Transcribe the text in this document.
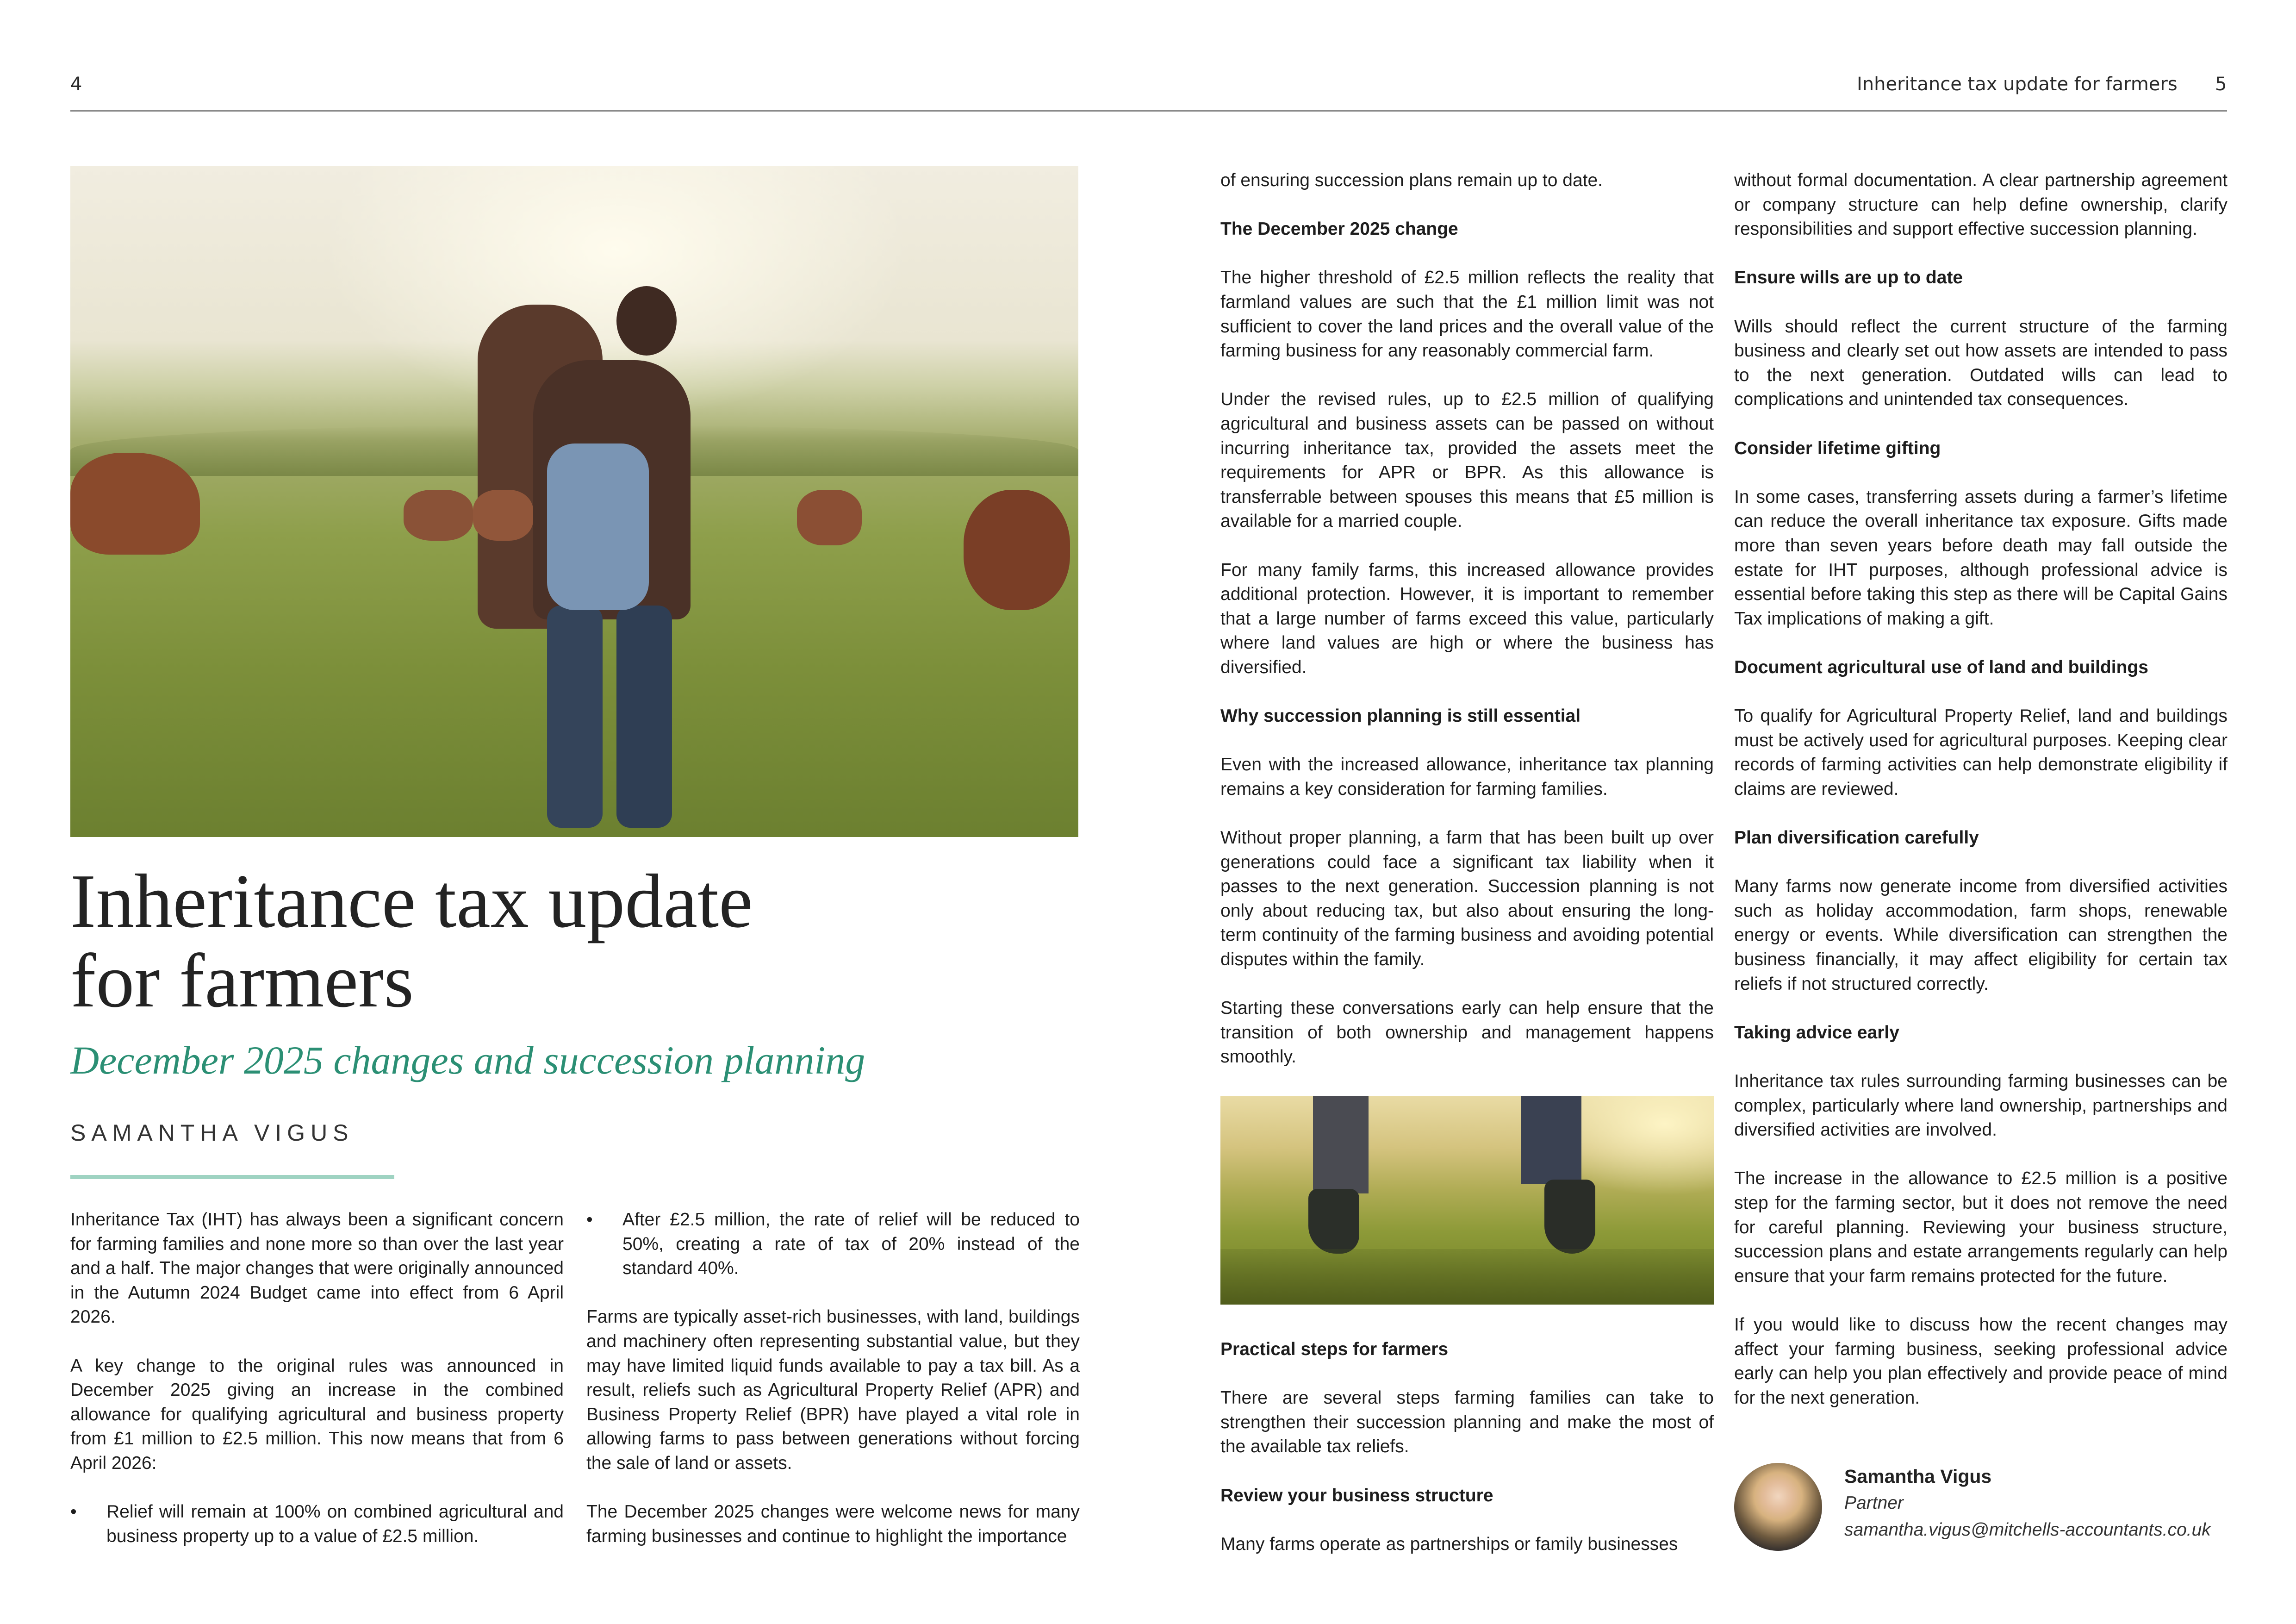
4	Inheritance tax update for farmers 5
Inheritance tax update
for farmers
December 2025 changes and succession planning
SAMANTHA VIGUS

Inheritance Tax (IHT) has always been a significant concern for farming families and none more so than over the last year and a half. The major changes that were originally announced in the Autumn 2024 Budget came into effect from 6 April 2026.

A key change to the original rules was announced in December 2025 giving an increase in the combined allowance for qualifying agricultural and business property from £1 million to £2.5 million. This now means that from 6 April 2026:

• Relief will remain at 100% on combined agricultural and business property up to a value of £2.5 million.
• After £2.5 million, the rate of relief will be reduced to 50%, creating a rate of tax of 20% instead of the standard 40%.

Farms are typically asset-rich businesses, with land, buildings and machinery often representing substantial value, but they may have limited liquid funds available to pay a tax bill. As a result, reliefs such as Agricultural Property Relief (APR) and Business Property Relief (BPR) have played a vital role in allowing farms to pass between generations without forcing the sale of land or assets.

The December 2025 changes were welcome news for many farming businesses and continue to highlight the importance

of ensuring succession plans remain up to date.

The December 2025 change

The higher threshold of £2.5 million reflects the reality that farmland values are such that the £1 million limit was not sufficient to cover the land prices and the overall value of the farming business for any reasonably commercial farm.

Under the revised rules, up to £2.5 million of qualifying agricultural and business assets can be passed on without incurring inheritance tax, provided the assets meet the requirements for APR or BPR. As this allowance is transferrable between spouses this means that £5 million is available for a married couple.

For many family farms, this increased allowance provides additional protection. However, it is important to remember that a large number of farms exceed this value, particularly where land values are high or where the business has diversified.

Why succession planning is still essential

Even with the increased allowance, inheritance tax planning remains a key consideration for farming families.

Without proper planning, a farm that has been built up over generations could face a significant tax liability when it passes to the next generation. Succession planning is not only about reducing tax, but also about ensuring the long-term continuity of the farming business and avoiding potential disputes within the family.

Starting these conversations early can help ensure that the transition of both ownership and management happens smoothly.

Practical steps for farmers

There are several steps farming families can take to strengthen their succession planning and make the most of the available tax reliefs.

Review your business structure

Many farms operate as partnerships or family businesses

without formal documentation. A clear partnership agreement or company structure can help define ownership, clarify responsibilities and support effective succession planning.

Ensure wills are up to date

Wills should reflect the current structure of the farming business and clearly set out how assets are intended to pass to the next generation. Outdated wills can lead to complications and unintended tax consequences.

Consider lifetime gifting

In some cases, transferring assets during a farmer’s lifetime can reduce the overall inheritance tax exposure. Gifts made more than seven years before death may fall outside the estate for IHT purposes, although professional advice is essential before taking this step as there will be Capital Gains Tax implications of making a gift.

Document agricultural use of land and buildings

To qualify for Agricultural Property Relief, land and buildings must be actively used for agricultural purposes. Keeping clear records of farming activities can help demonstrate eligibility if claims are reviewed.

Plan diversification carefully

Many farms now generate income from diversified activities such as holiday accommodation, farm shops, renewable energy or events. While diversification can strengthen the business financially, it may affect eligibility for certain tax reliefs if not structured correctly.

Taking advice early

Inheritance tax rules surrounding farming businesses can be complex, particularly where land ownership, partnerships and diversified activities are involved.

The increase in the allowance to £2.5 million is a positive step for the farming sector, but it does not remove the need for careful planning. Reviewing your business structure, succession plans and estate arrangements regularly can help ensure that your farm remains protected for the future.

If you would like to discuss how the recent changes may affect your farming business, seeking professional advice early can help you plan effectively and provide peace of mind for the next generation.

Samantha Vigus
Partner
samantha.vigus@mitchells-accountants.co.uk
